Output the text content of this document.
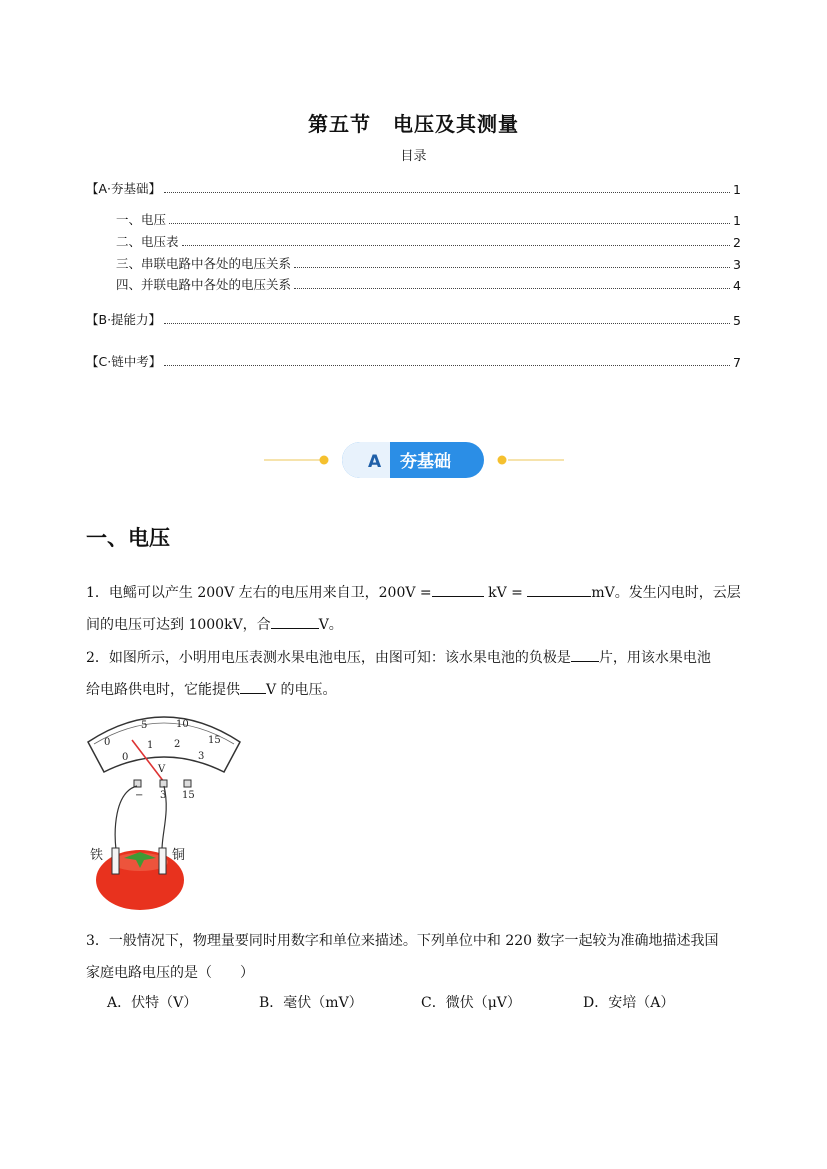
第五节 电压及其测量
目录
【A·夯基础】	1
一、电压	1
二、电压表	2
三、串联电路中各处的电压关系	3
四、并联电路中各处的电压关系	4
【B·提能力】	5
【C·链中考】	7
A 夯基础
一、电压
1．电鳐可以产生 200V 左右的电压用来自卫，200V =	kV =	mV。发生闪电时，云层
间的电压可达到 1000kV，合	V。
2．如图所示，小明用电压表测水果电池电压，由图可知：该水果电池的负极是 片，用该水果电池
给电路供电时，它能提供 V 的电压。
0
5	10
15
0
1 2
3
V
− 3 15
铁	铜
3．一般情况下，物理量要同时用数字和单位来描述。下列单位中和 220 数字一起较为准确地描述我国
家庭电路电压的是（　　）
A．伏特（V）	B．毫伏（mV）	C．微伏（μV）	D．安培（A）
